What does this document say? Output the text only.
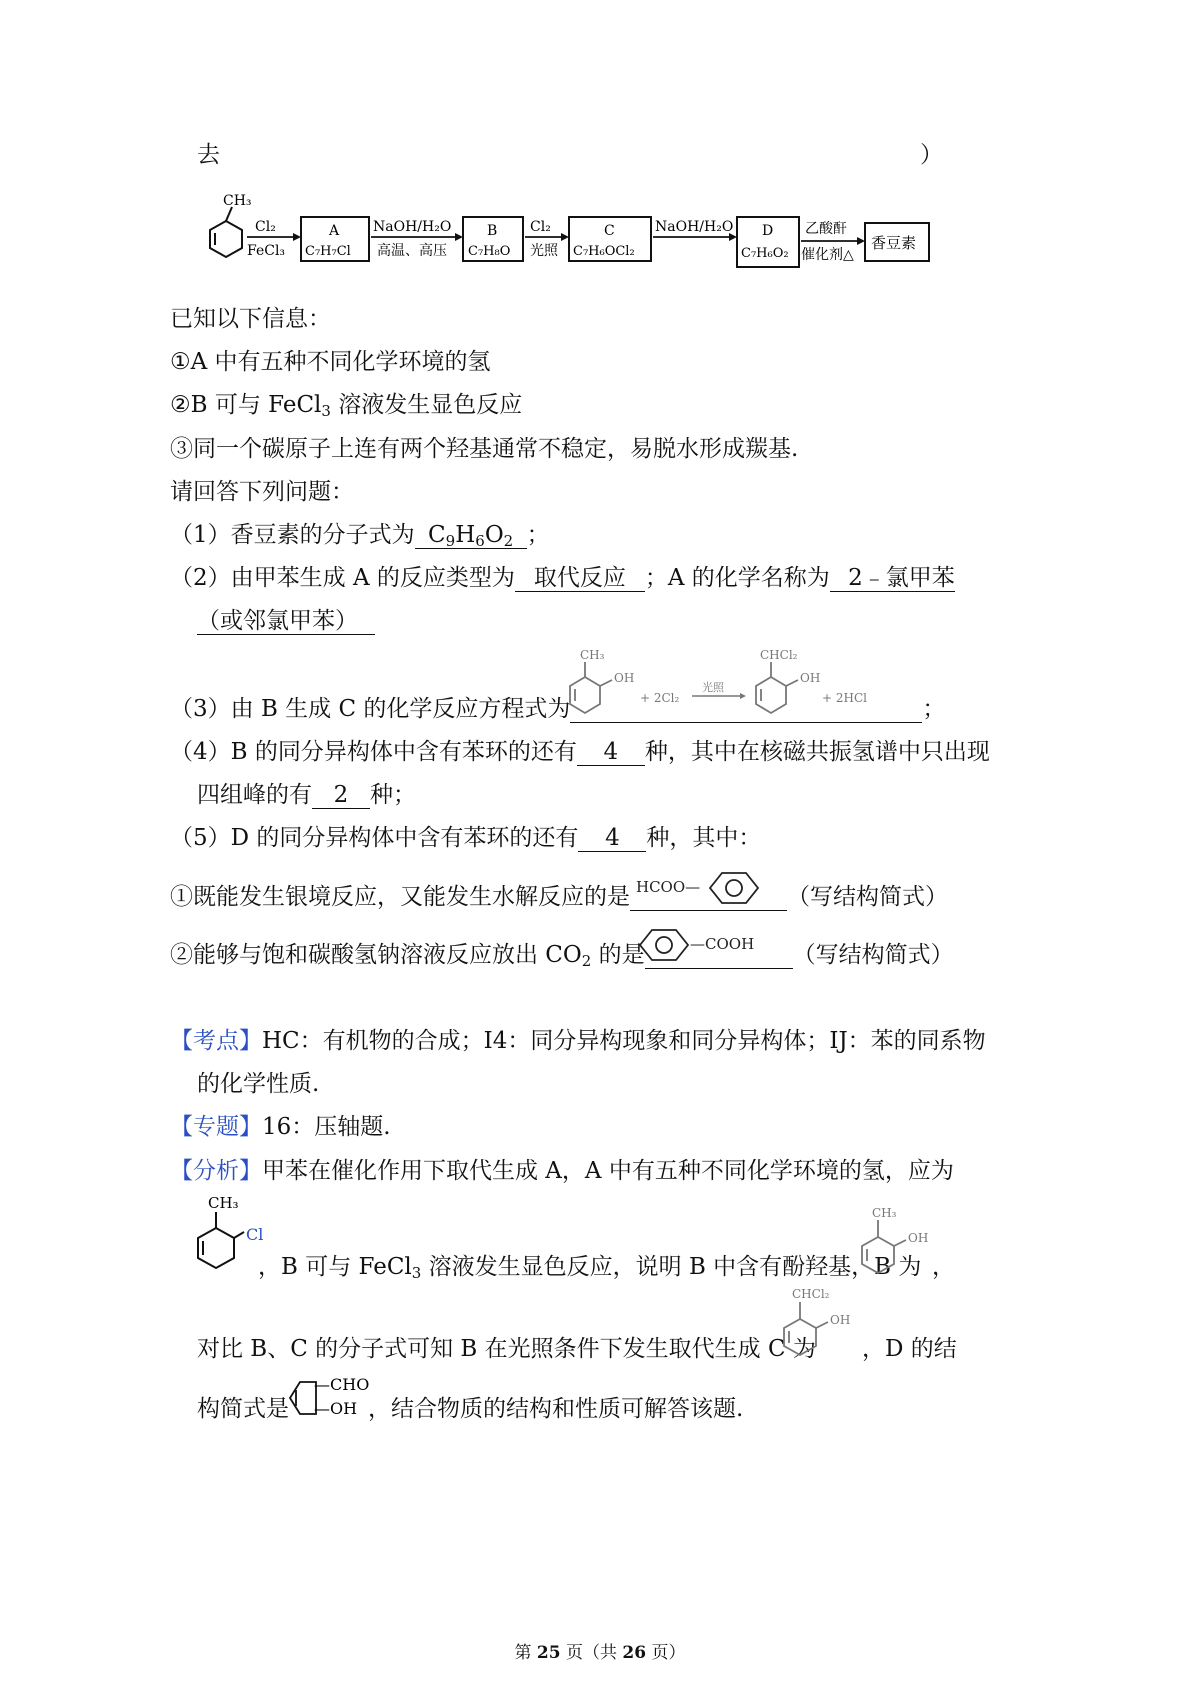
去	）
CH₃
Cl₂
FeCl₃
A
C₇H₇Cl
NaOH/H₂O
高温、高压
B
C₇H₈O
Cl₂
光照
C
C₇H₆OCl₂
NaOH/H₂O D
C₇H₆O₂
乙酸酐
催化剂△
香豆素
已知以下信息：
①A 中有五种不同化学环境的氢
②B 可与 FeCl$_3$ 溶液发生显色反应
③同一个碳原子上连有两个羟基通常不稳定，易脱水形成羰基.
请回答下列问题：
（1）香豆素的分子式为 $C_9H_6O_2$ ；
（2）由甲苯生成 A 的反应类型为 取代反应 ；A 的化学名称为 2﹣氯甲苯
（或邻氯甲苯）
（3）由 B 生成 C 的化学反应方程式为	；
CH₃
OH
+ 2Cl₂
光照
CHCl₂
OH
+ 2HCl
（4）B 的同分异构体中含有苯环的还有 4 种，其中在核磁共振氢谱中只出现
四组峰的有 2 种；
（5）D 的同分异构体中含有苯环的还有 4 种，其中：
①既能发生银境反应，又能发生水解反应的是	（写结构简式）
HCOO—
②能够与饱和碳酸氢钠溶液反应放出 $CO_2$ 的是	（写结构简式）
—COOH
【考点】HC：有机物的合成；I4：同分异构现象和同分异构体；IJ：苯的同系物
的化学性质.
【专题】16：压轴题.
【分析】甲苯在催化作用下取代生成 A，A 中有五种不同化学环境的氢，应为
CH₃
Cl
，B 可与 FeCl$_3$ 溶液发生显色反应，说明 B 中含有酚羟基，B 为
CH₃
OH
，
对比 B、C 的分子式可知 B 在光照条件下发生取代生成 C 为
CHCl₂
OH
，D 的结
构简式是
—CHO
—OH ，结合物质的结构和性质可解答该题.
第 25 页（共 26 页）
